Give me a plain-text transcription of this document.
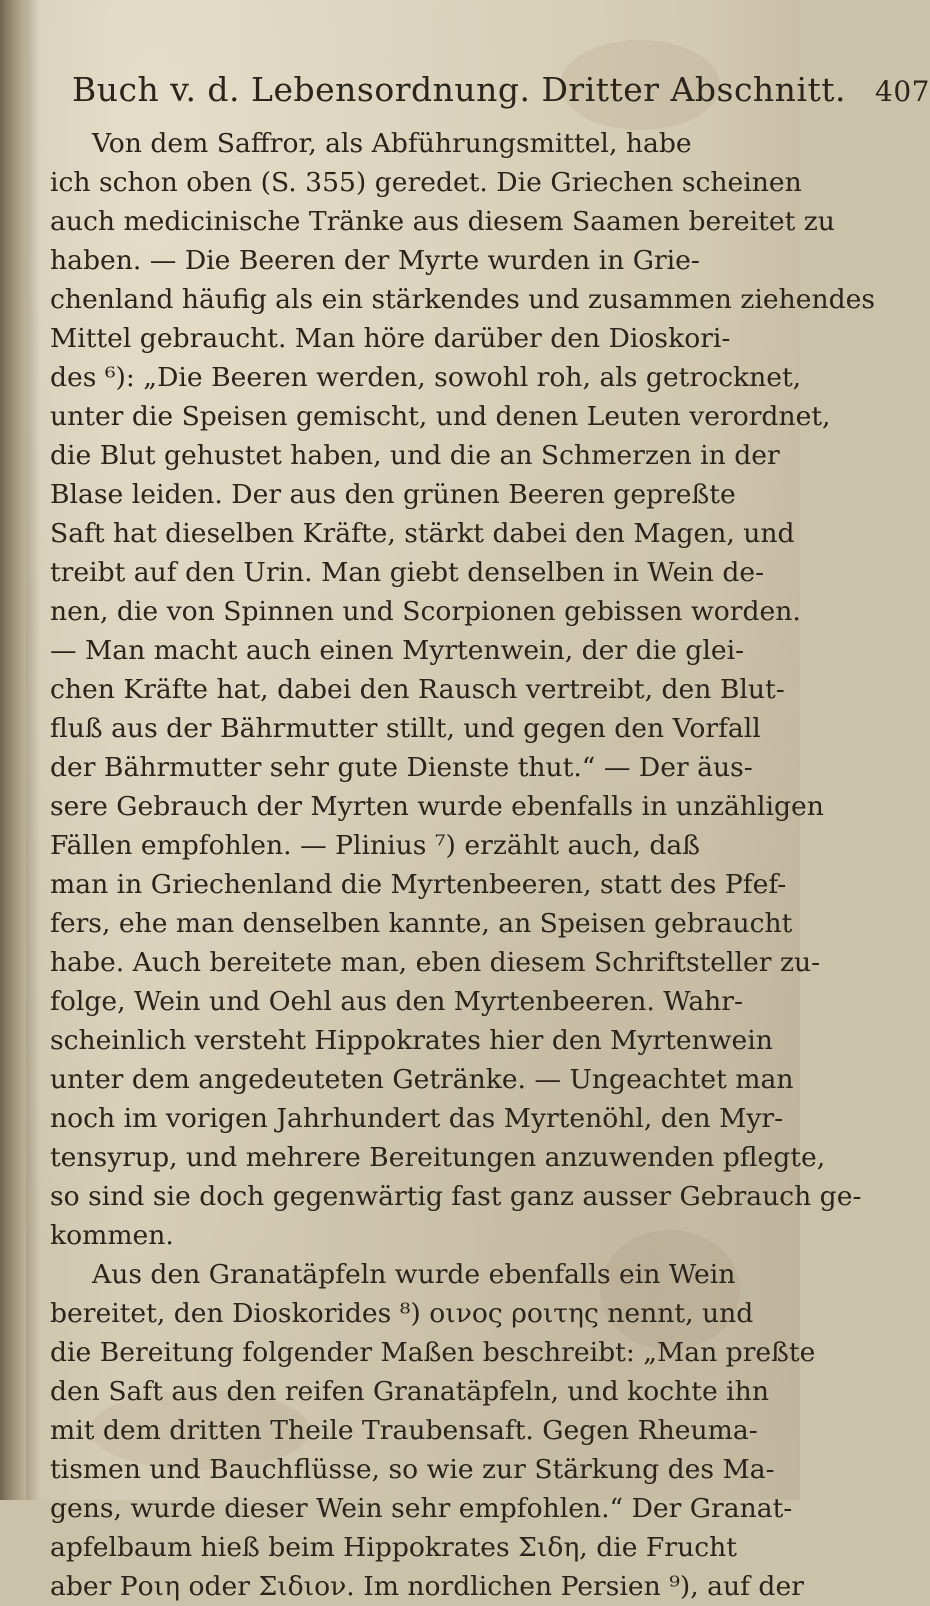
Buch v. d. Lebensordnung. Dritter Abschnitt. 407
Von dem Saffror, als Abführungsmittel, habe
ich schon oben (S. 355) geredet. Die Griechen scheinen
auch medicinische Tränke aus diesem Saamen bereitet zu
haben. — Die Beeren der Myrte wurden in Grie-
chenland häufig als ein stärkendes und zusammen ziehendes
Mittel gebraucht. Man höre darüber den Dioskori-
des ⁶): „Die Beeren werden, sowohl roh, als getrocknet,
unter die Speisen gemischt, und denen Leuten verordnet,
die Blut gehustet haben, und die an Schmerzen in der
Blase leiden. Der aus den grünen Beeren gepreßte
Saft hat dieselben Kräfte, stärkt dabei den Magen, und
treibt auf den Urin. Man giebt denselben in Wein de-
nen, die von Spinnen und Scorpionen gebissen worden.
— Man macht auch einen Myrtenwein, der die glei-
chen Kräfte hat, dabei den Rausch vertreibt, den Blut-
fluß aus der Bährmutter stillt, und gegen den Vorfall
der Bährmutter sehr gute Dienste thut.“ — Der äus-
sere Gebrauch der Myrten wurde ebenfalls in unzähligen
Fällen empfohlen. — Plinius ⁷) erzählt auch, daß
man in Griechenland die Myrtenbeeren, statt des Pfef-
fers, ehe man denselben kannte, an Speisen gebraucht
habe. Auch bereitete man, eben diesem Schriftsteller zu-
folge, Wein und Oehl aus den Myrtenbeeren. Wahr-
scheinlich versteht Hippokrates hier den Myrtenwein
unter dem angedeuteten Getränke. — Ungeachtet man
noch im vorigen Jahrhundert das Myrtenöhl, den Myr-
tensyrup, und mehrere Bereitungen anzuwenden pflegte,
so sind sie doch gegenwärtig fast ganz ausser Gebrauch ge-
kommen.
Aus den Granatäpfeln wurde ebenfalls ein Wein
bereitet, den Dioskorides ⁸) οινος ροιτης nennt, und
die Bereitung folgender Maßen beschreibt: „Man preßte
den Saft aus den reifen Granatäpfeln, und kochte ihn
mit dem dritten Theile Traubensaft. Gegen Rheuma-
tismen und Bauchflüsse, so wie zur Stärkung des Ma-
gens, wurde dieser Wein sehr empfohlen.“ Der Granat-
apfelbaum hieß beim Hippokrates Σιδη, die Frucht
aber Ροιη oder Σιδιον. Im nordlichen Persien ⁹), auf der
